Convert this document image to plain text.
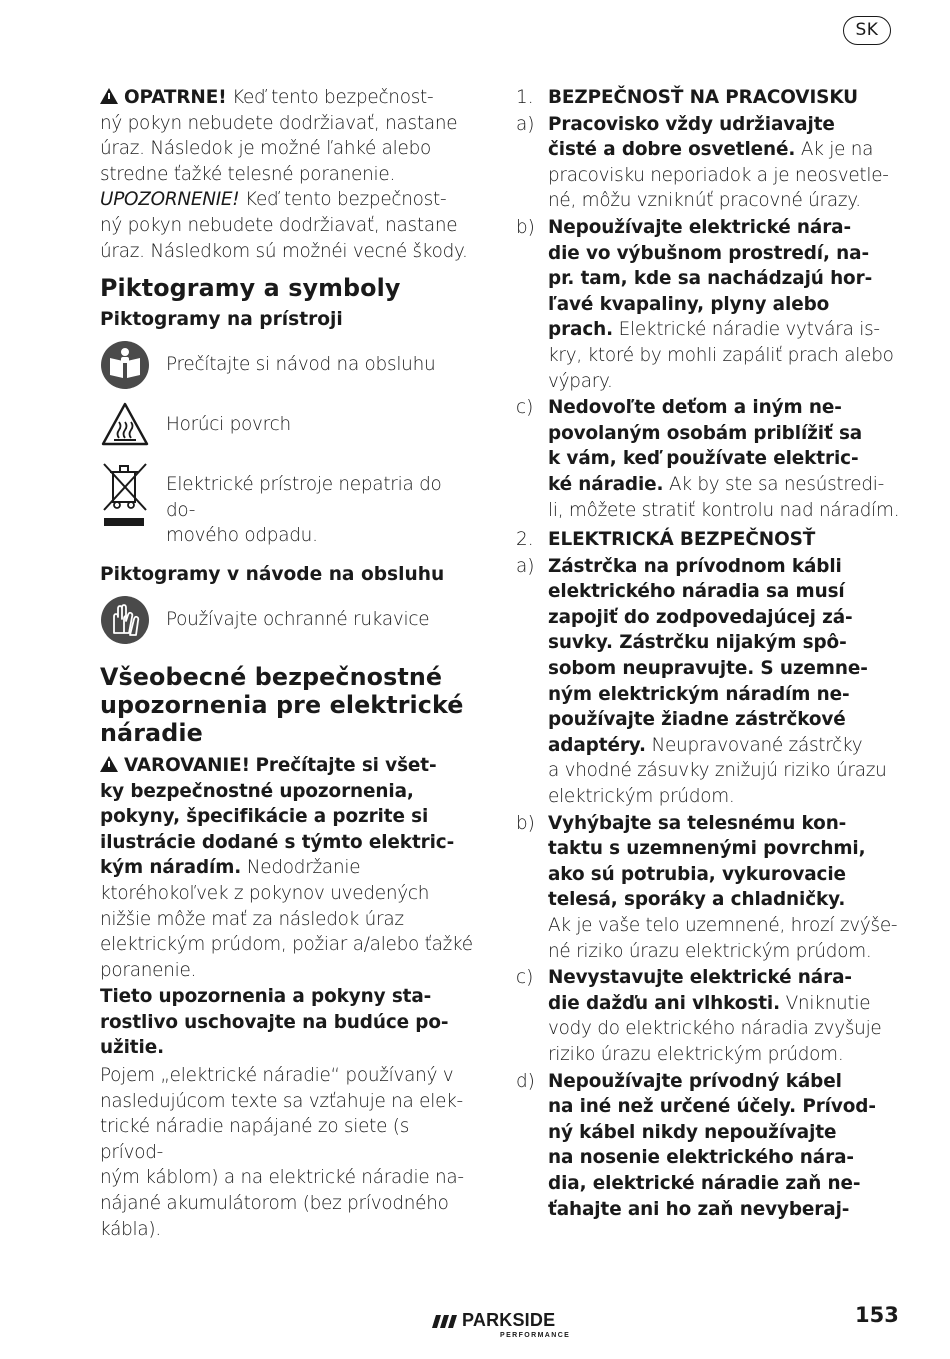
SK

OPATRNE! Keď tento bezpečnost-
ný pokyn nebudete dodržiavať, nastane
úraz. Následok je možné ľahké alebo
stredne ťažké telesné poranenie.

UPOZORNENIE! Keď tento bezpečnost-
ný pokyn nebudete dodržiavať, nastane
úraz. Následkom sú možnéi vecné škody.

Piktogramy a symboly
Piktogramy na prístroji
Prečítajte si návod na obsluhu
Horúci povrch
Elektrické prístroje nepatria do do-
mového odpadu.
Piktogramy v návode na obsluhu
Používajte ochranné rukavice
Všeobecné bezpečnostné
upozornenia pre elektrické
náradie

VAROVANIE! Prečítajte si všet-
ky bezpečnostné upozornenia,
pokyny, špecifikácie a pozrite si
ilustrácie dodané s týmto elektric-
kým náradím. Nedodržanie ktoréhokoľvek z pokynov uvedených nižšie môže mať za následok úraz elektrickým prúdom, požiar a/alebo ťažké poranenie.

Tieto upozornenia a pokyny sta-
rostlivo uschovajte na budúce po-
užitie.

Pojem „elektrické náradie“ používaný v
nasledujúcom texte sa vzťahuje na elek-
trické náradie napájané zo siete (s prívod-
ným káblom) a na elektrické náradie na-
nájané akumulátorom (bez prívodného
kábla).

1. BEZPEČNOSŤ NA PRACOVISKU
a) Pracovisko vždy udržiavajte
čisté a dobre osvetlené. Ak je na
pracovisku neporiadok a je neosvetle-
né, môžu vzniknúť pracovné úrazy.
b) Nepoužívajte elektrické nára-
die vo výbušnom prostredí, na-
pr. tam, kde sa nachádzajú hor-
ľavé kvapaliny, plyny alebo
prach. Elektrické náradie vytvára is-
kry, ktoré by mohli zapáliť prach alebo
výpary.
c) Nedovoľte deťom a iným ne-
povolaným osobám priblížiť sa
k vám, keď používate elektric-
ké náradie. Ak by ste sa nesústredi-
li, môžete stratiť kontrolu nad náradím.
2. ELEKTRICKÁ BEZPEČNOSŤ
a) Zástrčka na prívodnom kábli
elektrického náradia sa musí
zapojiť do zodpovedajúcej zá-
suvky. Zástrčku nijakým spô-
sobom neupravujte. S uzemne-
ným elektrickým náradím ne-
používajte žiadne zástrčkové
adaptéry. Neupravované zástrčky
a vhodné zásuvky znižujú riziko úrazu
elektrickým prúdom.
b) Vyhýbajte sa telesnému kon-
taktu s uzemnenými povrchmi,
ako sú potrubia, vykurovacie
telesá, sporáky a chladničky.
Ak je vaše telo uzemnené, hrozí zvýše-
né riziko úrazu elektrickým prúdom.
c) Nevystavujte elektrické nára-
die dažďu ani vlhkosti. Vniknutie
vody do elektrického náradia zvyšuje
riziko úrazu elektrickým prúdom.
d) Nepoužívajte prívodný kábel
na iné než určené účely. Prívod-
ný kábel nikdy nepoužívajte
na nosenie elektrického nára-
dia, elektrické náradie zaň ne-
ťahajte ani ho zaň nevyberaj-
PARKSIDE
PERFORMANCE
153
